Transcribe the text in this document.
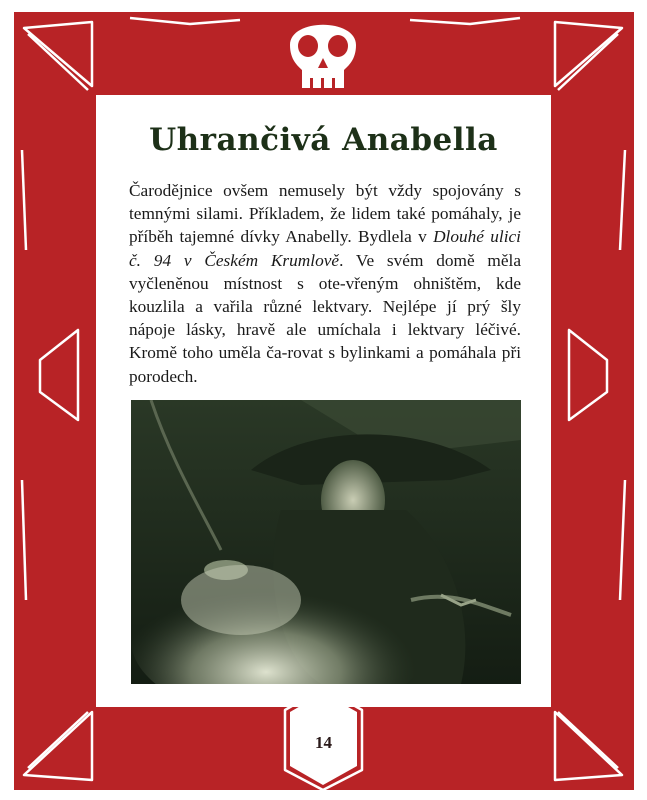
Uhrančivá Anabella

Čarodějnice ovšem nemusely být vždy spojovány s temnými silami. Příkladem, že lidem také pomáhaly, je příběh tajemné dívky Anabelly. Bydlela v Dlouhé ulici č. 94 v Českém Krumlově. Ve svém domě měla vyčleněnou místnost s ote-vřeným ohništěm, kde kouzlila a vařila různé lektvary. Nejlépe jí prý šly nápoje lásky, hravě ale umíchala i lektvary léčivé. Kromě toho uměla ča-rovat s bylinkami a pomáhala při porodech.

14
